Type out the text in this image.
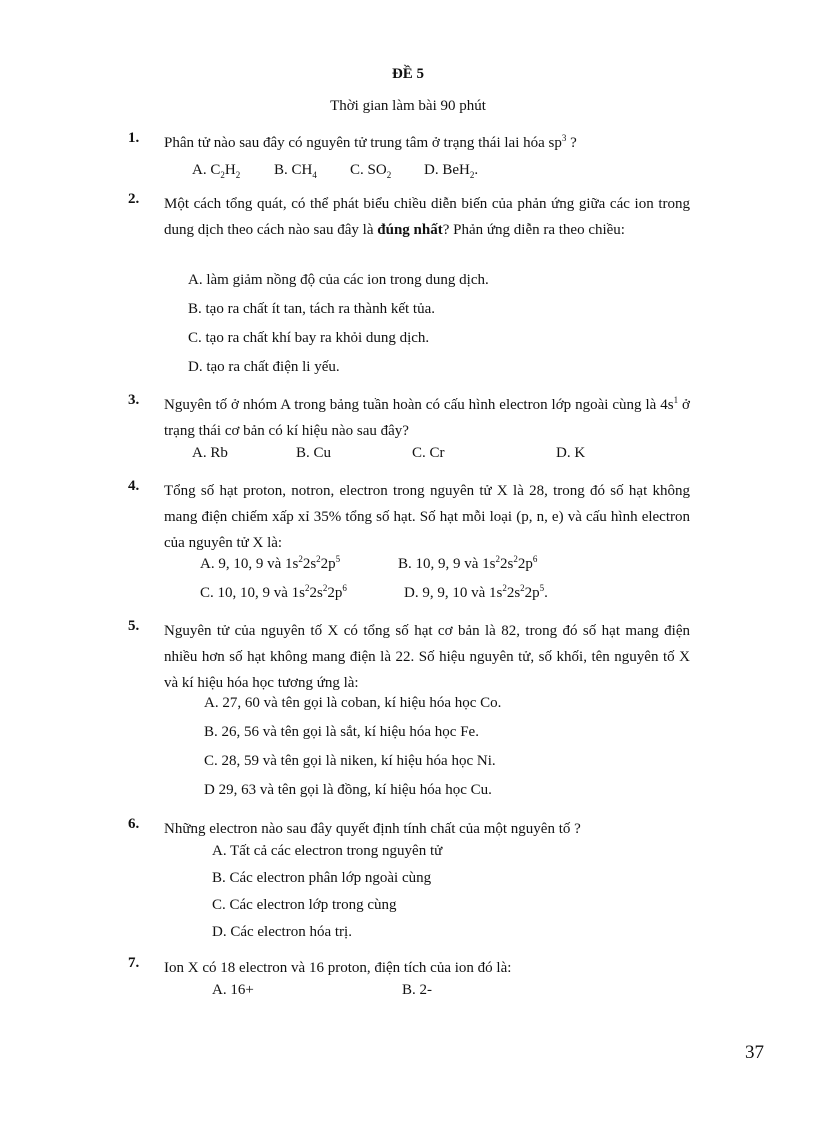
ĐỀ 5
Thời gian làm bài 90 phút
1. Phân tử nào sau đây có nguyên tử trung tâm ở trạng thái lai hóa $sp^3$ ?
A. $C_2H_2$ B. $CH_4$ C. $SO_2$ D. BeH$_2$.
2. Một cách tổng quát, có thể phát biểu chiều diễn biến của phản ứng giữa các ion trong dung dịch theo cách nào sau đây là đúng nhất? Phản ứng diễn ra theo chiều:
A. làm giảm nồng độ của các ion trong dung dịch.
B. tạo ra chất ít tan, tách ra thành kết tủa.
C. tạo ra chất khí bay ra khỏi dung dịch.
D. tạo ra chất điện li yếu.
3. Nguyên tố ở nhóm A trong bảng tuần hoàn có cấu hình electron lớp ngoài cùng là $4s^1$ ở trạng thái cơ bản có kí hiệu nào sau đây?
A. Rb	B. Cu	C. Cr	D. K
4. Tổng số hạt proton, notron, electron trong nguyên tử X là 28, trong đó số hạt không mang điện chiếm xấp xỉ 35% tổng số hạt. Số hạt mỗi loại (p, n, e) và cấu hình electron của nguyên tử X là:
A. 9, 10, 9 và $1s^22s^22p^5$	B. 10, 9, 9 và $1s^22s^22p^6$
C. 10, 10, 9 và $1s^22s^22p^6$	D. 9, 9, 10 và $1s^22s^22p^5$.
5. Nguyên tử của nguyên tố X có tổng số hạt cơ bản là 82, trong đó số hạt mang điện nhiều hơn số hạt không mang điện là 22. Số hiệu nguyên tử, số khối, tên nguyên tố X và kí hiệu hóa học tương ứng là:
A. 27, 60 và tên gọi là coban, kí hiệu hóa học Co.
B. 26, 56 và tên gọi là sắt, kí hiệu hóa học Fe.
C. 28, 59 và tên gọi là niken, kí hiệu hóa học Ni.
D 29, 63 và tên gọi là đồng, kí hiệu hóa học Cu.
6. Những electron nào sau đây quyết định tính chất của một nguyên tố ?
A. Tất cả các electron trong nguyên tử
B. Các electron phân lớp ngoài cùng
C. Các electron lớp trong cùng
D. Các electron hóa trị.
7. Ion X có 18 electron và 16 proton, điện tích của ion đó là:
A. 16+	B. 2-
37
